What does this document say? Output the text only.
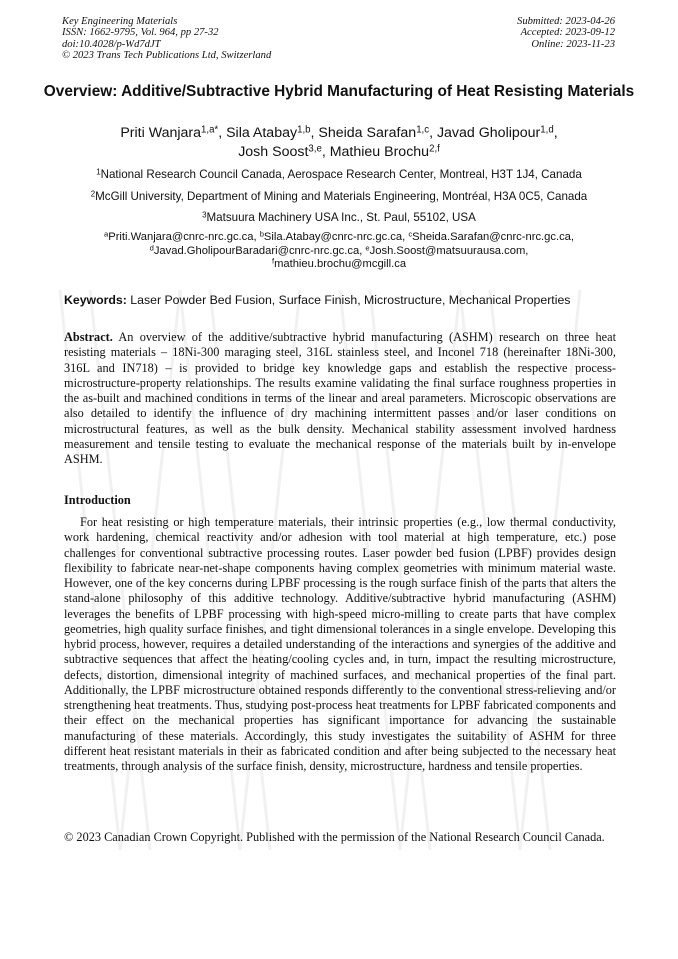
Key Engineering Materials
ISSN: 1662-9795, Vol. 964, pp 27-32
doi:10.4028/p-Wd7dJT
© 2023 Trans Tech Publications Ltd, Switzerland
Submitted: 2023-04-26
Accepted: 2023-09-12
Online: 2023-11-23
Overview: Additive/Subtractive Hybrid Manufacturing of Heat Resisting Materials
Priti Wanjara$^{1,a*}$, Sila Atabay$^{1,b}$, Sheida Sarafan$^{1,c}$, Javad Gholipour$^{1,d}$,
Josh Soost$^{3,e}$, Mathieu Brochu$^{2,f}$
$^1$National Research Council Canada, Aerospace Research Center, Montreal, H3T 1J4, Canada
$^2$McGill University, Department of Mining and Materials Engineering, Montréal, H3A 0C5, Canada
$^3$Matsuura Machinery USA Inc., St. Paul, 55102, USA
$^a$Priti.Wanjara@cnrc-nrc.gc.ca, $^b$Sila.Atabay@cnrc-nrc.gc.ca, $^c$Sheida.Sarafan@cnrc-nrc.gc.ca,
$^d$Javad.GholipourBaradari@cnrc-nrc.gc.ca, $^e$Josh.Soost@matsuurausa.com,
$^f$mathieu.brochu@mcgill.ca
Keywords: Laser Powder Bed Fusion, Surface Finish, Microstructure, Mechanical Properties

Abstract. An overview of the additive/subtractive hybrid manufacturing (ASHM) research on three heat resisting materials – 18Ni-300 maraging steel, 316L stainless steel, and Inconel 718 (hereinafter 18Ni-300, 316L and IN718) – is provided to bridge key knowledge gaps and establish the respective process-microstructure-property relationships. The results examine validating the final surface roughness properties in the as-built and machined conditions in terms of the linear and areal parameters. Microscopic observations are also detailed to identify the influence of dry machining intermittent passes and/or laser conditions on microstructural features, as well as the bulk density. Mechanical stability assessment involved hardness measurement and tensile testing to evaluate the mechanical response of the materials built by in-envelope ASHM.

Introduction

For heat resisting or high temperature materials, their intrinsic properties (e.g., low thermal conductivity, work hardening, chemical reactivity and/or adhesion with tool material at high temperature, etc.) pose challenges for conventional subtractive processing routes. Laser powder bed fusion (LPBF) provides design flexibility to fabricate near-net-shape components having complex geometries with minimum material waste. However, one of the key concerns during LPBF processing is the rough surface finish of the parts that alters the stand-alone philosophy of this additive technology. Additive/subtractive hybrid manufacturing (ASHM) leverages the benefits of LPBF processing with high-speed micro-milling to create parts that have complex geometries, high quality surface finishes, and tight dimensional tolerances in a single envelope. Developing this hybrid process, however, requires a detailed understanding of the interactions and synergies of the additive and subtractive sequences that affect the heating/cooling cycles and, in turn, impact the resulting microstructure, defects, distortion, dimensional integrity of machined surfaces, and mechanical properties of the final part. Additionally, the LPBF microstructure obtained responds differently to the conventional stress-relieving and/or strengthening heat treatments. Thus, studying post-process heat treatments for LPBF fabricated components and their effect on the mechanical properties has significant importance for advancing the sustainable manufacturing of these materials. Accordingly, this study investigates the suitability of ASHM for three different heat resistant materials in their as fabricated condition and after being subjected to the necessary heat treatments, through analysis of the surface finish, density, microstructure, hardness and tensile properties.

© 2023 Canadian Crown Copyright. Published with the permission of the National Research Council Canada.
